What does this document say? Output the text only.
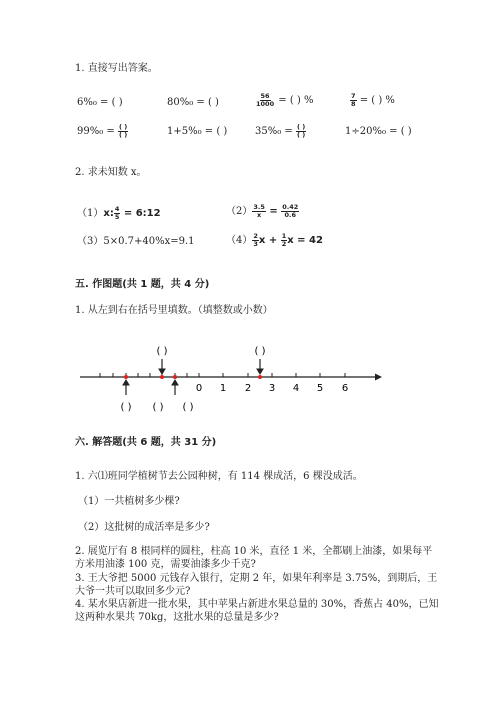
1. 直接写出答案。
6%₀ = ( )	80%₀ = ( )	$\frac{56}{1000}$ = ( ) %	$\frac{7}{8}$ = ( ) %
$99\%_0 = \frac{( )}{( )}$	1+5%₀ = ( )	$35\%_0 = \frac{( )}{( )}$	1÷20%₀ = ( )
2. 求未知数 x。
（1）x: $\frac{4}{5}$ = 6:12	$(2) \frac{3.5}{x} = \frac{0.42}{0.6}$
（3）5×0.7+40%x=9.1	$(4) \frac{2}{3}$ $x + \frac{1}{2}$ x = 42
五. 作图题(共 1 题，共 4 分)
1. 从左到右在括号里填数。（填整数或小数）
0 1 2 3 4 5 6
( )	( )
( ) ( ) ( )
六. 解答题(共 6 题，共 31 分)
1. 六⑴班同学植树节去公园种树，有 114 棵成活，6 棵没成活。
（1）一共植树多少棵?
（2）这批树的成活率是多少?
2. 展览厅有 8 根同样的圆柱，柱高 10 米，直径 1 米，全都刷上油漆，如果每平
方米用油漆 100 克，需要油漆多少千克?
3. 王大爷把 5000 元钱存入银行，定期 2 年，如果年利率是 3.75%，到期后，王
大爷一共可以取回多少元?
4. 某水果店新进一批水果，其中苹果占新进水果总量的 30%，香蕉占 40%，已知
这两种水果共 70kg，这批水果的总量是多少?
